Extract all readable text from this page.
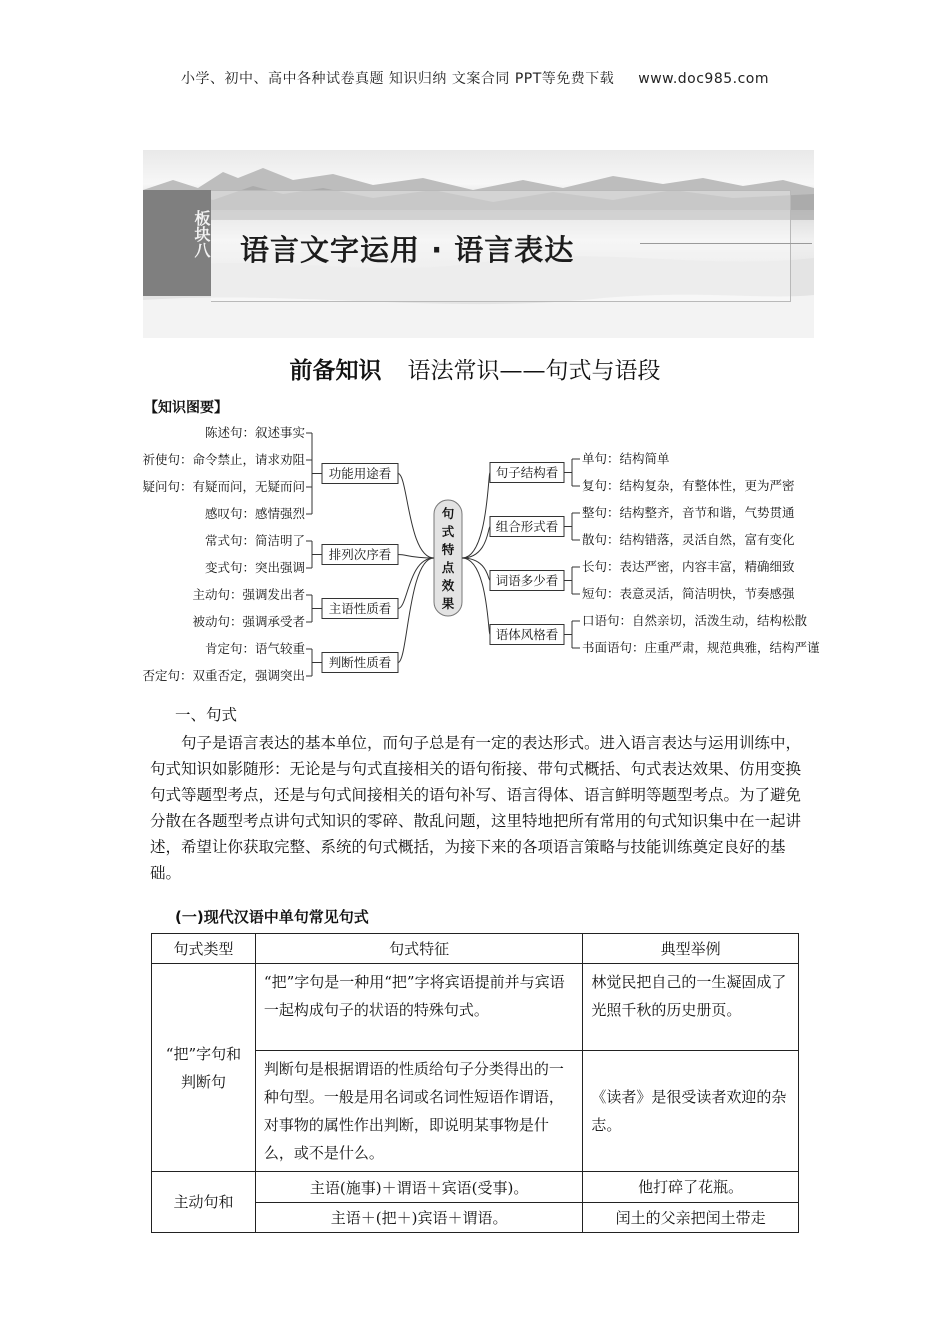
小学、初中、高中各种试卷真题 知识归纳 文案合同 PPT等免费下载 www.doc985.com
板块八 语言文字运用 · 语言表达
前备知识 语法常识——句式与语段
【知识图要】
句
式
特
点
效
果
陈述句：叙述事实
祈使句：命令禁止，请求劝阻
疑问句：有疑而问，无疑而问
感叹句：感情强烈
功能用途看
常式句：简洁明了
变式句：突出强调
排列次序看
主动句：强调发出者
被动句：强调承受者
主语性质看
肯定句：语气较重
否定句：双重否定，强调突出
判断性质看
句子结构看
单句：结构简单
复句：结构复杂，有整体性，更为严密
组合形式看
整句：结构整齐，音节和谐，气势贯通
散句：结构错落，灵活自然，富有变化
词语多少看
长句：表达严密，内容丰富，精确细致
短句：表意灵活，简洁明快，节奏感强
语体风格看
口语句：自然亲切，活泼生动，结构松散
书面语句：庄重严肃，规范典雅，结构严谨
一、句式
句子是语言表达的基本单位，而句子总是有一定的表达形式。进入语言表达与运用训练中，句式知识如影随形：无论是与句式直接相关的语句衔接、带句式概括、句式表达效果、仿用变换句式等题型考点，还是与句式间接相关的语句补写、语言得体、语言鲜明等题型考点。为了避免分散在各题型考点讲句式知识的零碎、散乱问题，这里特地把所有常用的句式知识集中在一起讲述，希望让你获取完整、系统的句式概括，为接下来的各项语言策略与技能训练奠定良好的基础。
(一)现代汉语中单句常见句式
句式类型	句式特征	典型举例
“把”字句和判断句	“把”字句是一种用“把”字将宾语提前并与宾语一起构成句子的状语的特殊句式。	林觉民把自己的一生凝固成了光照千秋的历史册页。
	判断句是根据谓语的性质给句子分类得出的一种句型。一般是用名词或名词性短语作谓语，对事物的属性作出判断，即说明某事物是什么，或不是什么。	《读者》是很受读者欢迎的杂志。
主动句和	主语(施事)＋谓语＋宾语(受事)。	他打碎了花瓶。
	主语＋(把＋)宾语＋谓语。	闰土的父亲把闰土带走
